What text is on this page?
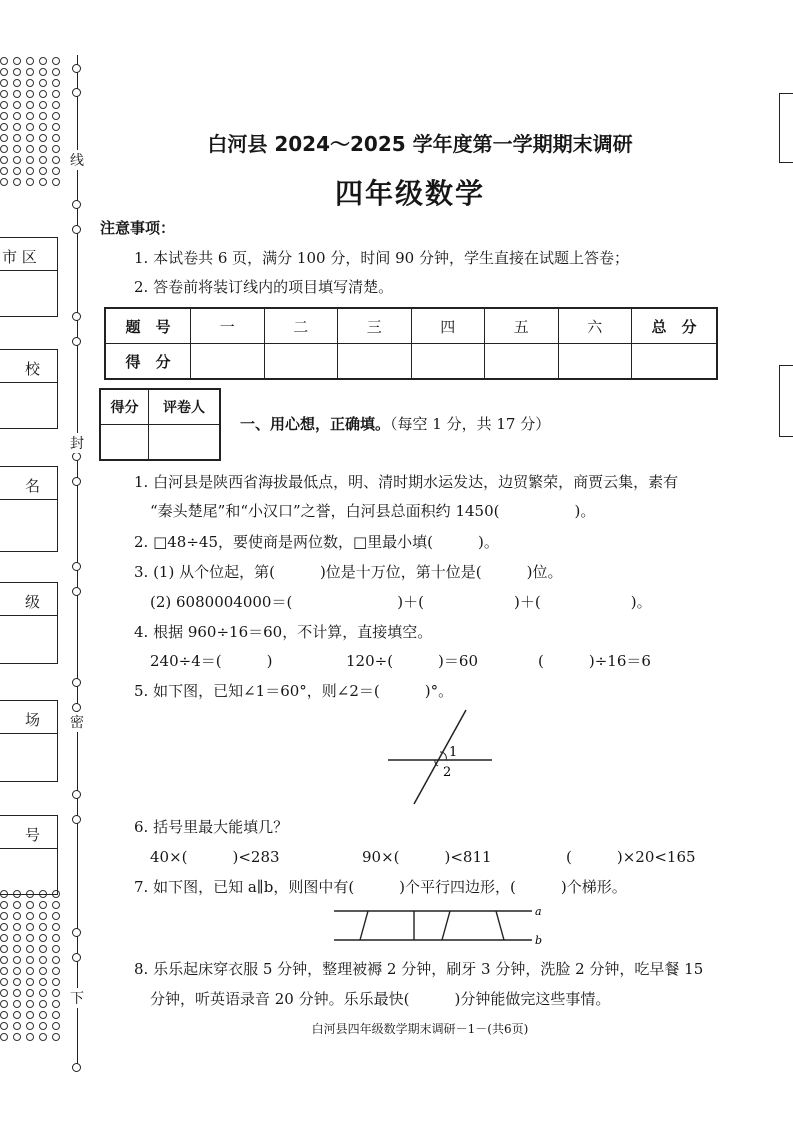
线
封
密
下
市 区
校
名
级
场
号
白河县 2024～2025 学年度第一学期期末调研
四年级数学
注意事项：
1. 本试卷共 6 页，满分 100 分，时间 90 分钟，学生直接在试题上答卷；
2. 答卷前将装订线内的项目填写清楚。
题　号	一	二	三	四	五	六	总　分
得　分							
得分	评卷人

一、用心想，正确填。（每空 1 分，共 17 分）
1. 白河县是陕西省海拔最低点，明、清时期水运发达，边贸繁荣，商贾云集，素有
“秦头楚尾”和“小汉口”之誉，白河县总面积约 1450(　　　　　)。
2. □48÷45，要使商是两位数，□里最小填(　　　)。
3. (1) 从个位起，第(　　　)位是十万位，第十位是(　　　)位。
(2) 6080004000＝(　　　　　　　)＋(　　　　　　)＋(　　　　　　)。
4. 根据 960÷16＝60，不计算，直接填空。
240÷4＝(　　　)	120÷(　　　)＝60	(　　　)÷16＝6
5. 如下图，已知∠1＝60°，则∠2＝(　　　)°。
1
2
6. 括号里最大能填几？
40×(　　　)<283	90×(　　　)<811	(　　　)×20<165
7. 如下图，已知 a∥b，则图中有(　　　)个平行四边形，(　　　)个梯形。
a
b
8. 乐乐起床穿衣服 5 分钟，整理被褥 2 分钟，刷牙 3 分钟，洗脸 2 分钟，吃早餐 15
分钟，听英语录音 20 分钟。乐乐最快(　　　)分钟能做完这些事情。
白河县四年级数学期末调研－1－(共6页)
